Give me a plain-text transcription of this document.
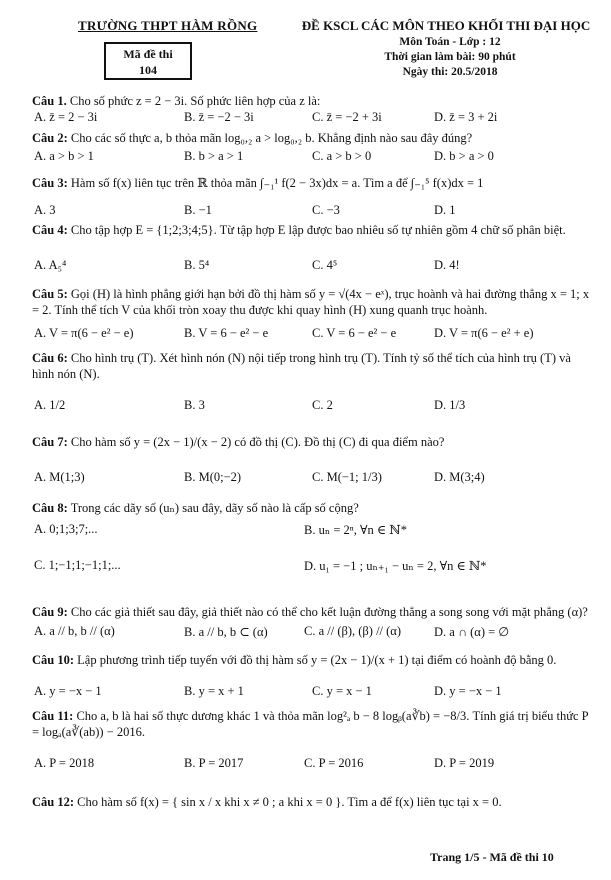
TRƯỜNG THPT HÀM RỒNG
Mã đề thi
104
ĐỀ KSCL CÁC MÔN THEO KHỐI THI ĐẠI HỌC
Môn Toán - Lớp : 12
Thời gian làm bài: 90 phút
Ngày thi: 20.5/2018
Câu 1. Cho số phức z = 2 − 3i. Số phức liên hợp của z là:
A. z̄ = 2 − 3i	B. z̄ = −2 − 3i	C. z̄ = −2 + 3i	D. z̄ = 3 + 2i
Câu 2: Cho các số thực a, b thỏa mãn log₀,₂ a > log₀,₂ b. Khẳng định nào sau đây đúng?
A. a > b > 1	B. b > a > 1	C. a > b > 0	D. b > a > 0
Câu 3: Hàm số f(x) liên tục trên ℝ thỏa mãn ∫₋₁¹ f(2 − 3x)dx = a. Tìm a để ∫₋₁⁵ f(x)dx = 1
A. 3	B. −1	C. −3	D. 1
Câu 4: Cho tập hợp E = {1;2;3;4;5}. Từ tập hợp E lập được bao nhiêu số tự nhiên gồm 4 chữ số phân biệt.
A. A₅⁴	B. 5⁴	C. 4⁵	D. 4!
Câu 5: Gọi (H) là hình phẳng giới hạn bởi đồ thị hàm số y = √(4x − eˣ), trục hoành và hai đường thẳng x = 1; x = 2. Tính thể tích V của khối tròn xoay thu được khi quay hình (H) xung quanh trục hoành.
A. V = π(6 − e² − e)	B. V = 6 − e² − e	C. V = 6 − e² − e	D. V = π(6 − e² + e)
Câu 6: Cho hình trụ (T). Xét hình nón (N) nội tiếp trong hình trụ (T). Tính tỷ số thể tích của hình trụ (T) và hình nón (N).
A. 1/2	B. 3	C. 2	D. 1/3
Câu 7: Cho hàm số y = (2x − 1)/(x − 2) có đồ thị (C). Đồ thị (C) đi qua điểm nào?
A. M(1;3)	B. M(0;−2)	C. M(−1; 1/3)	D. M(3;4)
Câu 8: Trong các dãy số (uₙ) sau đây, dãy số nào là cấp số cộng?
A. 0;1;3;7;...	B. uₙ = 2ⁿ, ∀n ∈ ℕ*
C. 1;−1;1;−1;1;...	D. u₁ = −1 ; uₙ₊₁ − uₙ = 2, ∀n ∈ ℕ*
Câu 9: Cho các giả thiết sau đây, giả thiết nào có thể cho kết luận đường thẳng a song song với mặt phẳng (α)?
A. a // b, b // (α)	B. a // b, b ⊂ (α)	C. a // (β), (β) // (α)	D. a ∩ (α) = ∅
Câu 10: Lập phương trình tiếp tuyến với đồ thị hàm số y = (2x − 1)/(x + 1) tại điểm có hoành độ bằng 0.
A. y = −x − 1	B. y = x + 1	C. y = x − 1	D. y = −x − 1
Câu 11: Cho a, b là hai số thực dương khác 1 và thỏa mãn log²ₐ b − 8 logᵦ(a∛b) = −8/3. Tính giá trị biểu thức P = logₐ(a∛(ab)) − 2016.
A. P = 2018	B. P = 2017	C. P = 2016	D. P = 2019
Câu 12: Cho hàm số f(x) = { sin x / x khi x ≠ 0 ; a khi x = 0 }. Tìm a để f(x) liên tục tại x = 0.
Trang 1/5 - Mã đề thi 10
